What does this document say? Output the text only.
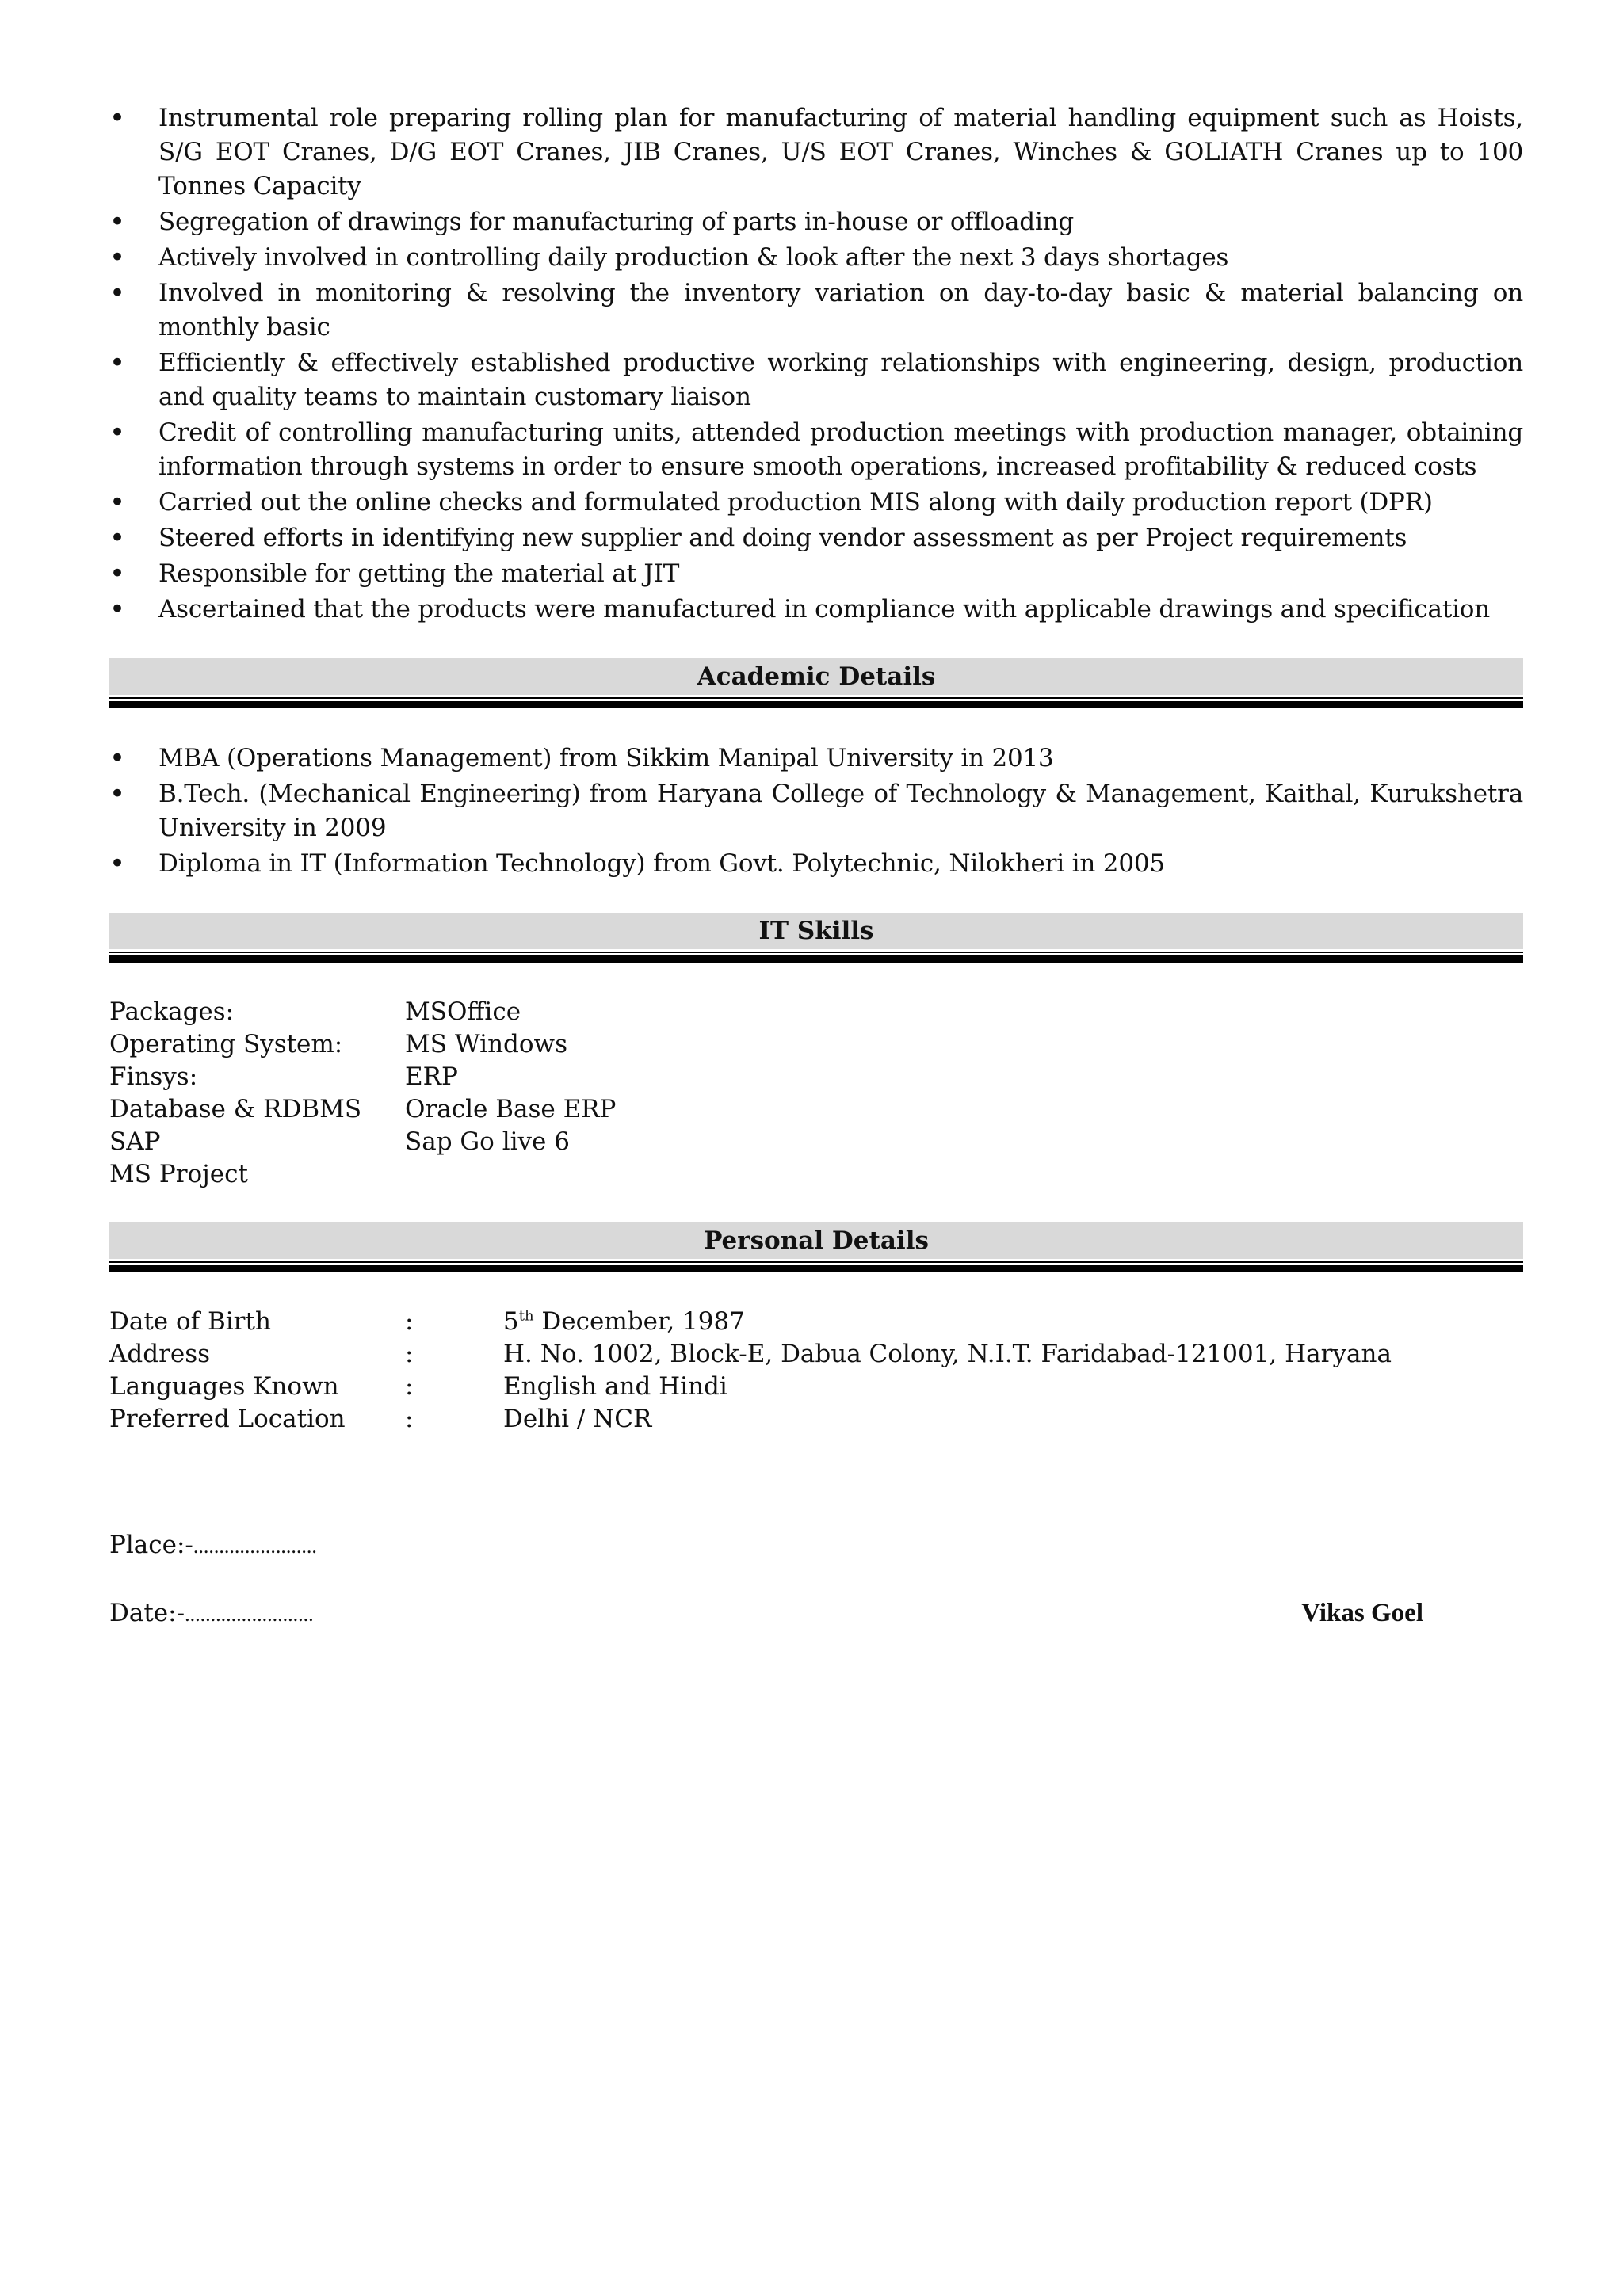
• Instrumental role preparing rolling plan for manufacturing of material handling equipment such as Hoists, S/G EOT Cranes, D/G EOT Cranes, JIB Cranes, U/S EOT Cranes, Winches & GOLIATH Cranes up to 100 Tonnes Capacity
• Segregation of drawings for manufacturing of parts in-house or offloading
• Actively involved in controlling daily production & look after the next 3 days shortages
• Involved in monitoring & resolving the inventory variation on day-to-day basic & material balancing on monthly basic
• Efficiently & effectively established productive working relationships with engineering, design, production and quality teams to maintain customary liaison
• Credit of controlling manufacturing units, attended production meetings with production manager, obtaining information through systems in order to ensure smooth operations, increased profitability & reduced costs
• Carried out the online checks and formulated production MIS along with daily production report (DPR)
• Steered efforts in identifying new supplier and doing vendor assessment as per Project requirements
• Responsible for getting the material at JIT
• Ascertained that the products were manufactured in compliance with applicable drawings and specification
Academic Details
• MBA (Operations Management) from Sikkim Manipal University in 2013
• B.Tech. (Mechanical Engineering) from Haryana College of Technology & Management, Kaithal, Kurukshetra University in 2009
• Diploma in IT (Information Technology) from Govt. Polytechnic, Nilokheri in 2005
IT Skills
Packages:	MSOffice
Operating System:	MS Windows
Finsys:	ERP
Database & RDBMS	Oracle Base ERP
SAP	Sap Go live 6
MS Project
Personal Details
Date of Birth	:	5th December, 1987
Address	:	H. No. 1002, Block-E, Dabua Colony, N.I.T. Faridabad-121001, Haryana
Languages Known	:	English and Hindi
Preferred Location	:	Delhi / NCR
Place:-........................
Date:-.........................	Vikas Goel
